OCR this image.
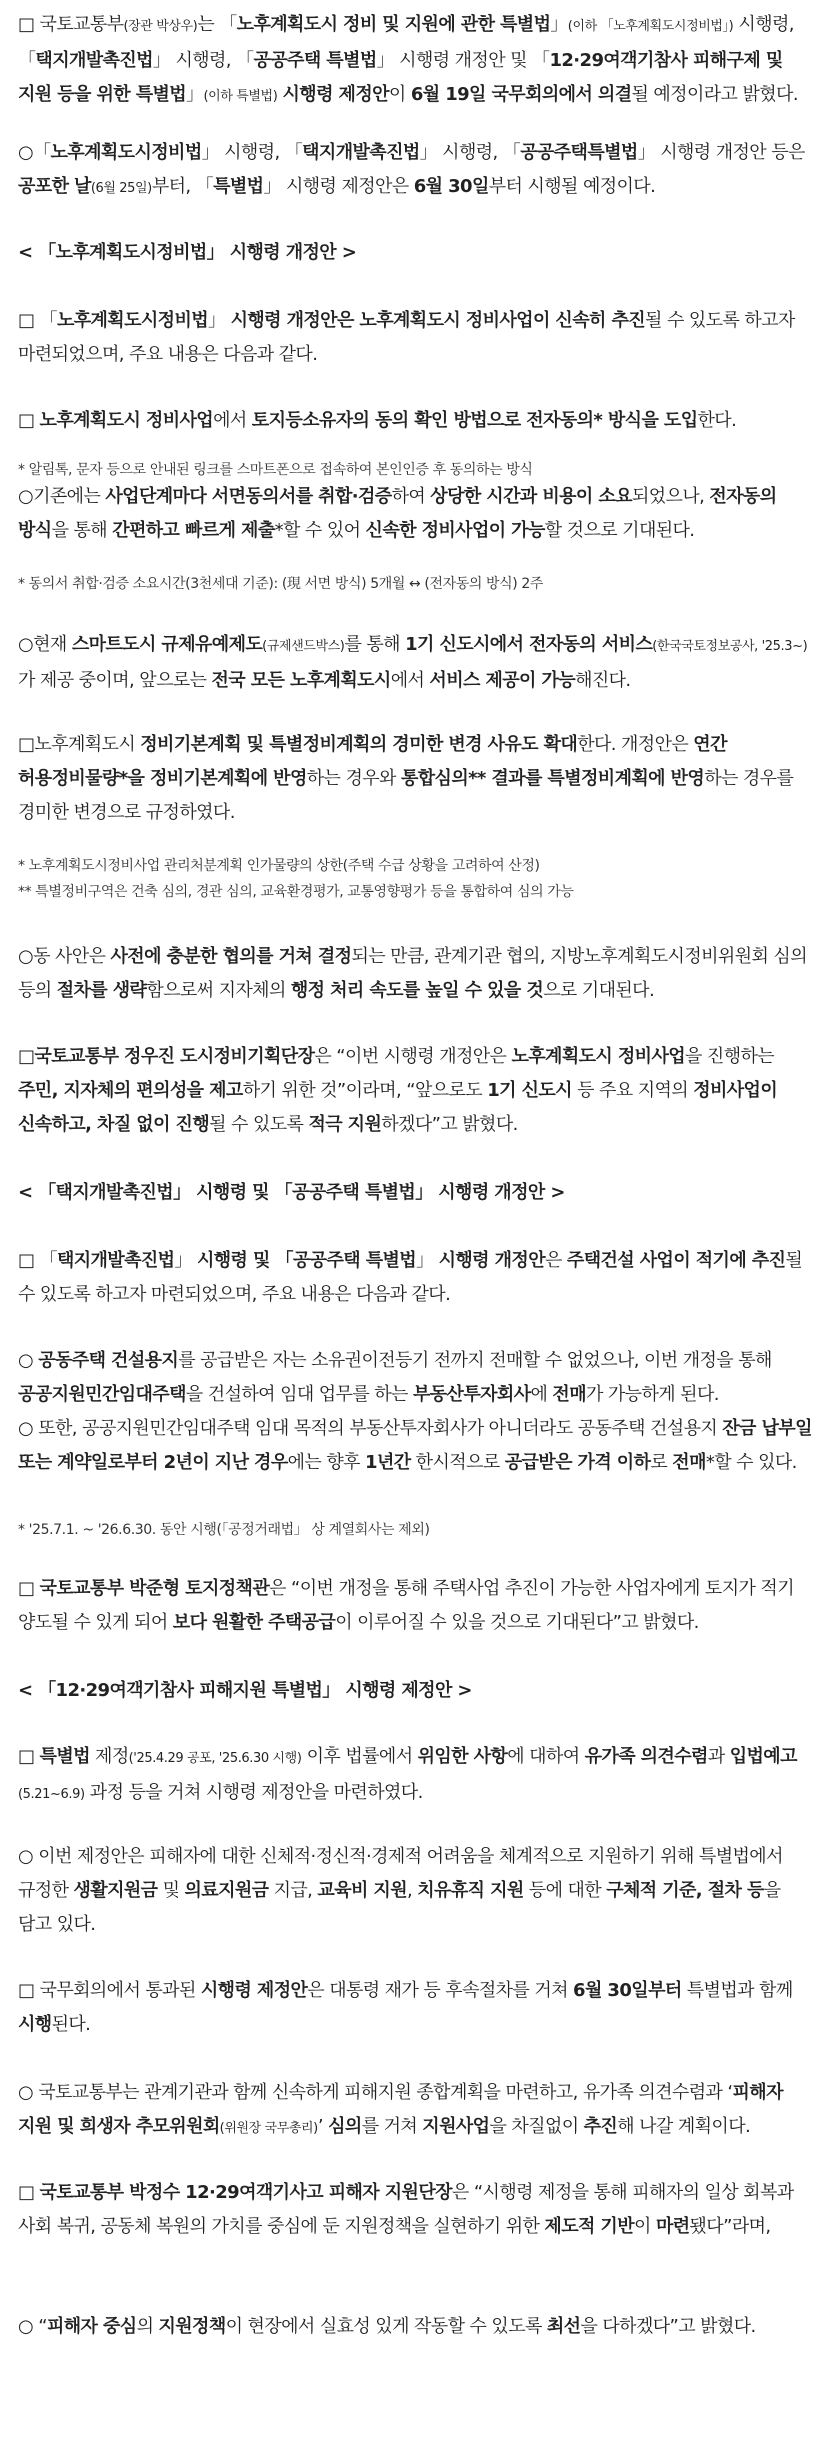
□ 국토교통부(장관 박상우)는 「노후계획도시 정비 및 지원에 관한 특별법」(이하 「노후계획도시정비법」) 시행령, 「택지개발촉진법」 시행령, 「공공주택 특별법」 시행령 개정안 및 「12·29여객기참사 피해구제 및 지원 등을 위한 특별법」(이하 특별법) 시행령 제정안이 6월 19일 국무회의에서 의결될 예정이라고 밝혔다.

○「노후계획도시정비법」 시행령, 「택지개발촉진법」 시행령, 「공공주택특별법」 시행령 개정안 등은 공포한 날(6월 25일)부터, 「특별법」 시행령 제정안은 6월 30일부터 시행될 예정이다.

< 「노후계획도시정비법」 시행령 개정안 >

□ 「노후계획도시정비법」 시행령 개정안은 노후계획도시 정비사업이 신속히 추진될 수 있도록 하고자 마련되었으며, 주요 내용은 다음과 같다.

□ 노후계획도시 정비사업에서 토지등소유자의 동의 확인 방법으로 전자동의* 방식을 도입한다.

* 알림톡, 문자 등으로 안내된 링크를 스마트폰으로 접속하여 본인인증 후 동의하는 방식

○기존에는 사업단계마다 서면동의서를 취합·검증하여 상당한 시간과 비용이 소요되었으나, 전자동의 방식을 통해 간편하고 빠르게 제출*할 수 있어 신속한 정비사업이 가능할 것으로 기대된다.

* 동의서 취합·검증 소요시간(3천세대 기준): (現 서면 방식) 5개월 ↔ (전자동의 방식) 2주

○현재 스마트도시 규제유예제도(규제샌드박스)를 통해 1기 신도시에서 전자동의 서비스(한국국토정보공사, '25.3~)가 제공 중이며, 앞으로는 전국 모든 노후계획도시에서 서비스 제공이 가능해진다.

□노후계획도시 정비기본계획 및 특별정비계획의 경미한 변경 사유도 확대한다. 개정안은 연간 허용정비물량*을 정비기본계획에 반영하는 경우와 통합심의** 결과를 특별정비계획에 반영하는 경우를 경미한 변경으로 규정하였다.

* 노후계획도시정비사업 관리처분계획 인가물량의 상한(주택 수급 상황을 고려하여 산정)

** 특별정비구역은 건축 심의, 경관 심의, 교육환경평가, 교통영향평가 등을 통합하여 심의 가능

○동 사안은 사전에 충분한 협의를 거쳐 결정되는 만큼, 관계기관 협의, 지방노후계획도시정비위원회 심의 등의 절차를 생략함으로써 지자체의 행정 처리 속도를 높일 수 있을 것으로 기대된다.

□국토교통부 정우진 도시정비기획단장은 “이번 시행령 개정안은 노후계획도시 정비사업을 진행하는 주민, 지자체의 편의성을 제고하기 위한 것”이라며, “앞으로도 1기 신도시 등 주요 지역의 정비사업이 신속하고, 차질 없이 진행될 수 있도록 적극 지원하겠다”고 밝혔다.

< 「택지개발촉진법」 시행령 및 「공공주택 특별법」 시행령 개정안 >

□ 「택지개발촉진법」 시행령 및 「공공주택 특별법」 시행령 개정안은 주택건설 사업이 적기에 추진될 수 있도록 하고자 마련되었으며, 주요 내용은 다음과 같다.

○ 공동주택 건설용지를 공급받은 자는 소유권이전등기 전까지 전매할 수 없었으나, 이번 개정을 통해 공공지원민간임대주택을 건설하여 임대 업무를 하는 부동산투자회사에 전매가 가능하게 된다.

○ 또한, 공공지원민간임대주택 임대 목적의 부동산투자회사가 아니더라도 공동주택 건설용지 잔금 납부일 또는 계약일로부터 2년이 지난 경우에는 향후 1년간 한시적으로 공급받은 가격 이하로 전매*할 수 있다.

* '25.7.1. ~ '26.6.30. 동안 시행(「공정거래법」 상 계열회사는 제외)

□ 국토교통부 박준형 토지정책관은 “이번 개정을 통해 주택사업 추진이 가능한 사업자에게 토지가 적기 양도될 수 있게 되어 보다 원활한 주택공급이 이루어질 수 있을 것으로 기대된다”고 밝혔다.

< 「12·29여객기참사 피해지원 특별법」 시행령 제정안 >

□ 특별법 제정('25.4.29 공포, '25.6.30 시행) 이후 법률에서 위임한 사항에 대하여 유가족 의견수렴과 입법예고(5.21~6.9) 과정 등을 거쳐 시행령 제정안을 마련하였다.

○ 이번 제정안은 피해자에 대한 신체적·정신적·경제적 어려움을 체계적으로 지원하기 위해 특별법에서 규정한 생활지원금 및 의료지원금 지급, 교육비 지원, 치유휴직 지원 등에 대한 구체적 기준, 절차 등을 담고 있다.

□ 국무회의에서 통과된 시행령 제정안은 대통령 재가 등 후속절차를 거쳐 6월 30일부터 특별법과 함께 시행된다.

○ 국토교통부는 관계기관과 함께 신속하게 피해지원 종합계획을 마련하고, 유가족 의견수렴과 ‘피해자 지원 및 희생자 추모위원회(위원장 국무총리)’ 심의를 거쳐 지원사업을 차질없이 추진해 나갈 계획이다.

□ 국토교통부 박정수 12·29여객기사고 피해자 지원단장은 “시행령 제정을 통해 피해자의 일상 회복과 사회 복귀, 공동체 복원의 가치를 중심에 둔 지원정책을 실현하기 위한 제도적 기반이 마련됐다”라며,

○ “피해자 중심의 지원정책이 현장에서 실효성 있게 작동할 수 있도록 최선을 다하겠다”고 밝혔다.
